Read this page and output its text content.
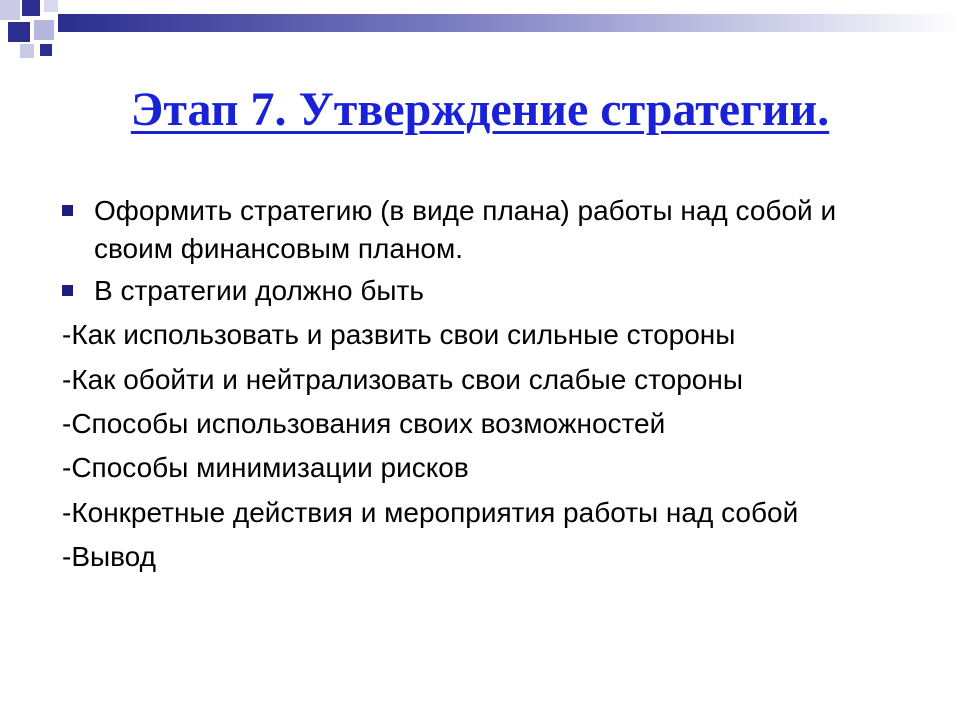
Этап 7. Утверждение стратегии.
Оформить стратегию (в виде плана) работы над собой и своим финансовым планом.
В стратегии должно быть
-Как использовать и развить свои сильные стороны
-Как обойти и нейтрализовать свои слабые стороны
-Способы использования своих возможностей
-Способы минимизации рисков
-Конкретные действия и мероприятия работы над собой
-Вывод
